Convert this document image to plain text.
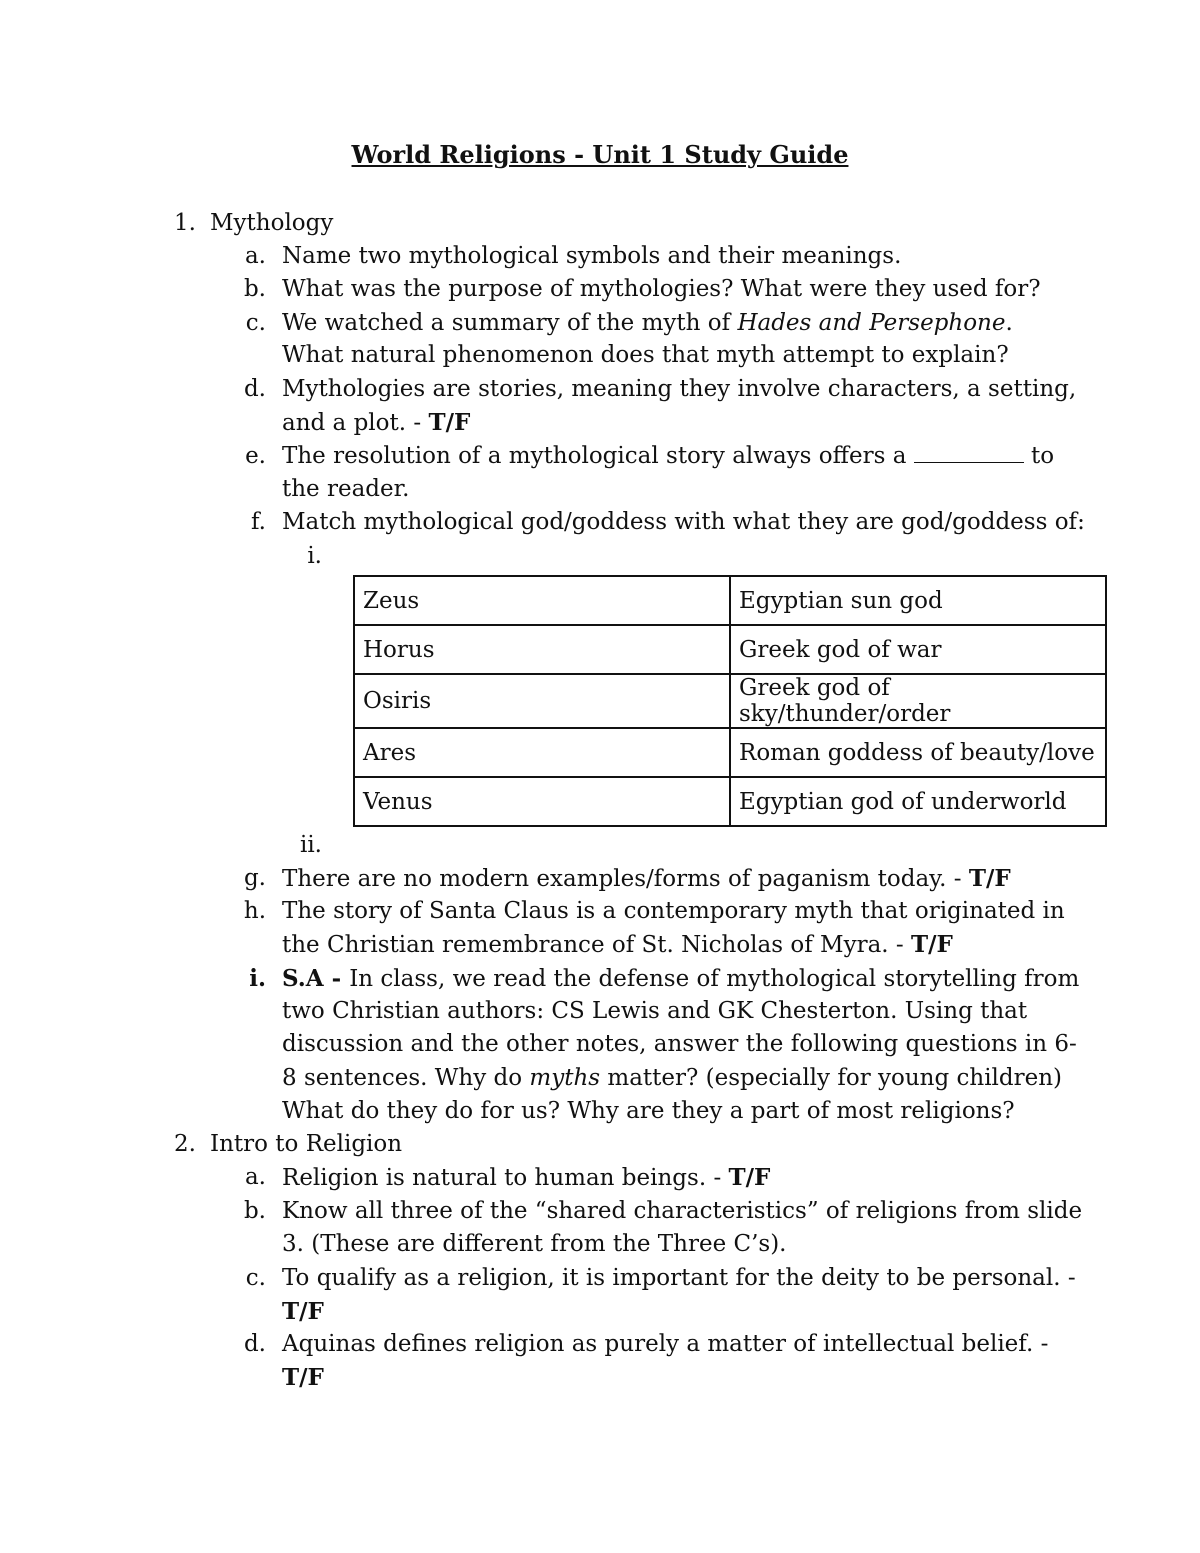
World Religions - Unit 1 Study Guide
1. Mythology
a. Name two mythological symbols and their meanings.
b. What was the purpose of mythologies? What were they used for?
c. We watched a summary of the myth of Hades and Persephone.
What natural phenomenon does that myth attempt to explain?
d. Mythologies are stories, meaning they involve characters, a setting,
and a plot. - T/F
e. The resolution of a mythological story always offers a	to
the reader.
f. Match mythological god/goddess with what they are god/goddess of:
i.
Zeus	Egyptian sun god
Horus	Greek god of war
Osiris	Greek god of sky/thunder/order
Ares	Roman goddess of beauty/love
Venus	Egyptian god of underworld
ii.
g. There are no modern examples/forms of paganism today. - T/F
h. The story of Santa Claus is a contemporary myth that originated in
the Christian remembrance of St. Nicholas of Myra. - T/F
i. S.A - In class, we read the defense of mythological storytelling from
two Christian authors: CS Lewis and GK Chesterton. Using that
discussion and the other notes, answer the following questions in 6-
8 sentences. Why do myths matter? (especially for young children)
What do they do for us? Why are they a part of most religions?
2. Intro to Religion
a. Religion is natural to human beings. - T/F
b. Know all three of the “shared characteristics” of religions from slide
3. (These are different from the Three C’s).
c. To qualify as a religion, it is important for the deity to be personal. -
T/F
d. Aquinas defines religion as purely a matter of intellectual belief. -
T/F
